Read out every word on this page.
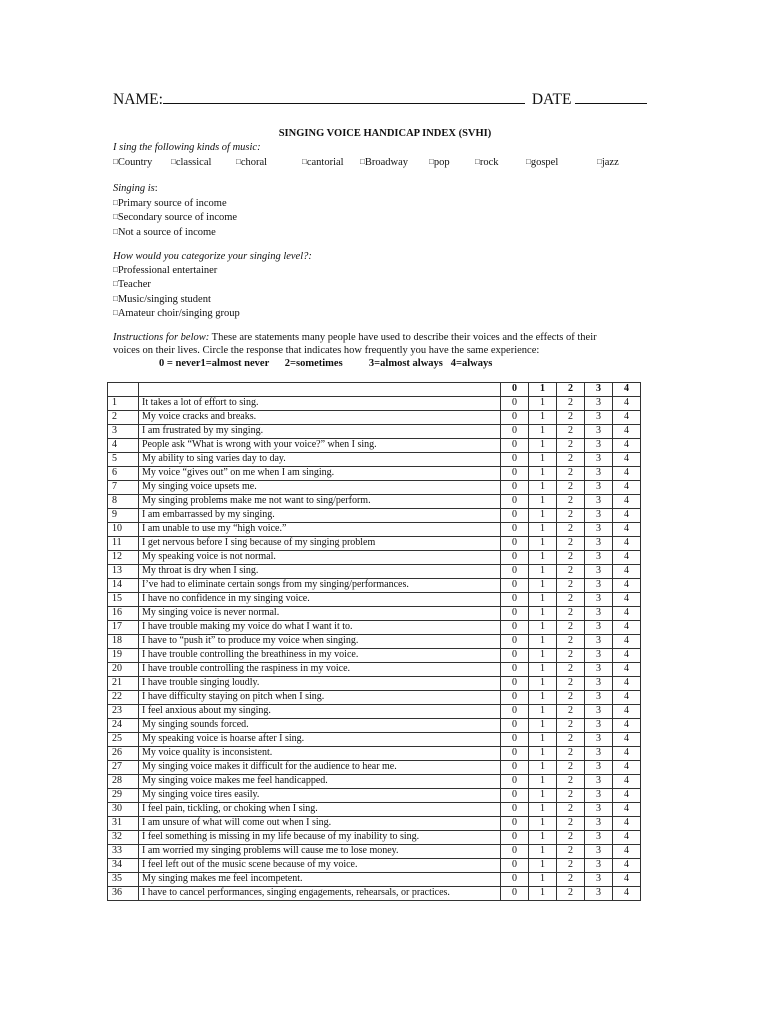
NAME:	DATE
SINGING VOICE HANDICAP INDEX (SVHI)
I sing the following kinds of music:
□Country □classical	□choral	□cantorial □Broadway	□pop	□rock	□gospel	□jazz
Singing is:
□Primary source of income
□Secondary source of income
□Not a source of income
How would you categorize your singing level?:
□Professional entertainer
□Teacher
□Music/singing student
□Amateur choir/singing group
Instructions for below: These are statements many people have used to describe their voices and the effects of their
voices on their lives. Circle the response that indicates how frequently you have the same experience:
0 = never1=almost never      2=sometimes          3=almost always   4=always
		0	1	2	3	4
1	It takes a lot of effort to sing.	0	1	2	3	4
2	My voice cracks and breaks.	0	1	2	3	4
3	I am frustrated by my singing.	0	1	2	3	4
4	People ask “What is wrong with your voice?” when I sing.	0	1	2	3	4
5	My ability to sing varies day to day.	0	1	2	3	4
6	My voice “gives out” on me when I am singing.	0	1	2	3	4
7	My singing voice upsets me.	0	1	2	3	4
8	My singing problems make me not want to sing/perform.	0	1	2	3	4
9	I am embarrassed by my singing.	0	1	2	3	4
10	I am unable to use my “high voice.”	0	1	2	3	4
11	I get nervous before I sing because of my singing problem	0	1	2	3	4
12	My speaking voice is not normal.	0	1	2	3	4
13	My throat is dry when I sing.	0	1	2	3	4
14	I’ve had to eliminate certain songs from my singing/performances.	0	1	2	3	4
15	I have no confidence in my singing voice.	0	1	2	3	4
16	My singing voice is never normal.	0	1	2	3	4
17	I have trouble making my voice do what I want it to.	0	1	2	3	4
18	I have to “push it” to produce my voice when singing.	0	1	2	3	4
19	I have trouble controlling the breathiness in my voice.	0	1	2	3	4
20	I have trouble controlling the raspiness in my voice.	0	1	2	3	4
21	I have trouble singing loudly.	0	1	2	3	4
22	I have difficulty staying on pitch when I sing.	0	1	2	3	4
23	I feel anxious about my singing.	0	1	2	3	4
24	My singing sounds forced.	0	1	2	3	4
25	My speaking voice is hoarse after I sing.	0	1	2	3	4
26	My voice quality is inconsistent.	0	1	2	3	4
27	My singing voice makes it difficult for the audience to hear me.	0	1	2	3	4
28	My singing voice makes me feel handicapped.	0	1	2	3	4
29	My singing voice tires easily.	0	1	2	3	4
30	I feel pain, tickling, or choking when I sing.	0	1	2	3	4
31	I am unsure of what will come out when I sing.	0	1	2	3	4
32	I feel something is missing in my life because of my inability to sing.	0	1	2	3	4
33	I am worried my singing problems will cause me to lose money.	0	1	2	3	4
34	I feel left out of the music scene because of my voice.	0	1	2	3	4
35	My singing makes me feel incompetent.	0	1	2	3	4
36	I have to cancel performances, singing engagements, rehearsals, or practices.	0	1	2	3	4
